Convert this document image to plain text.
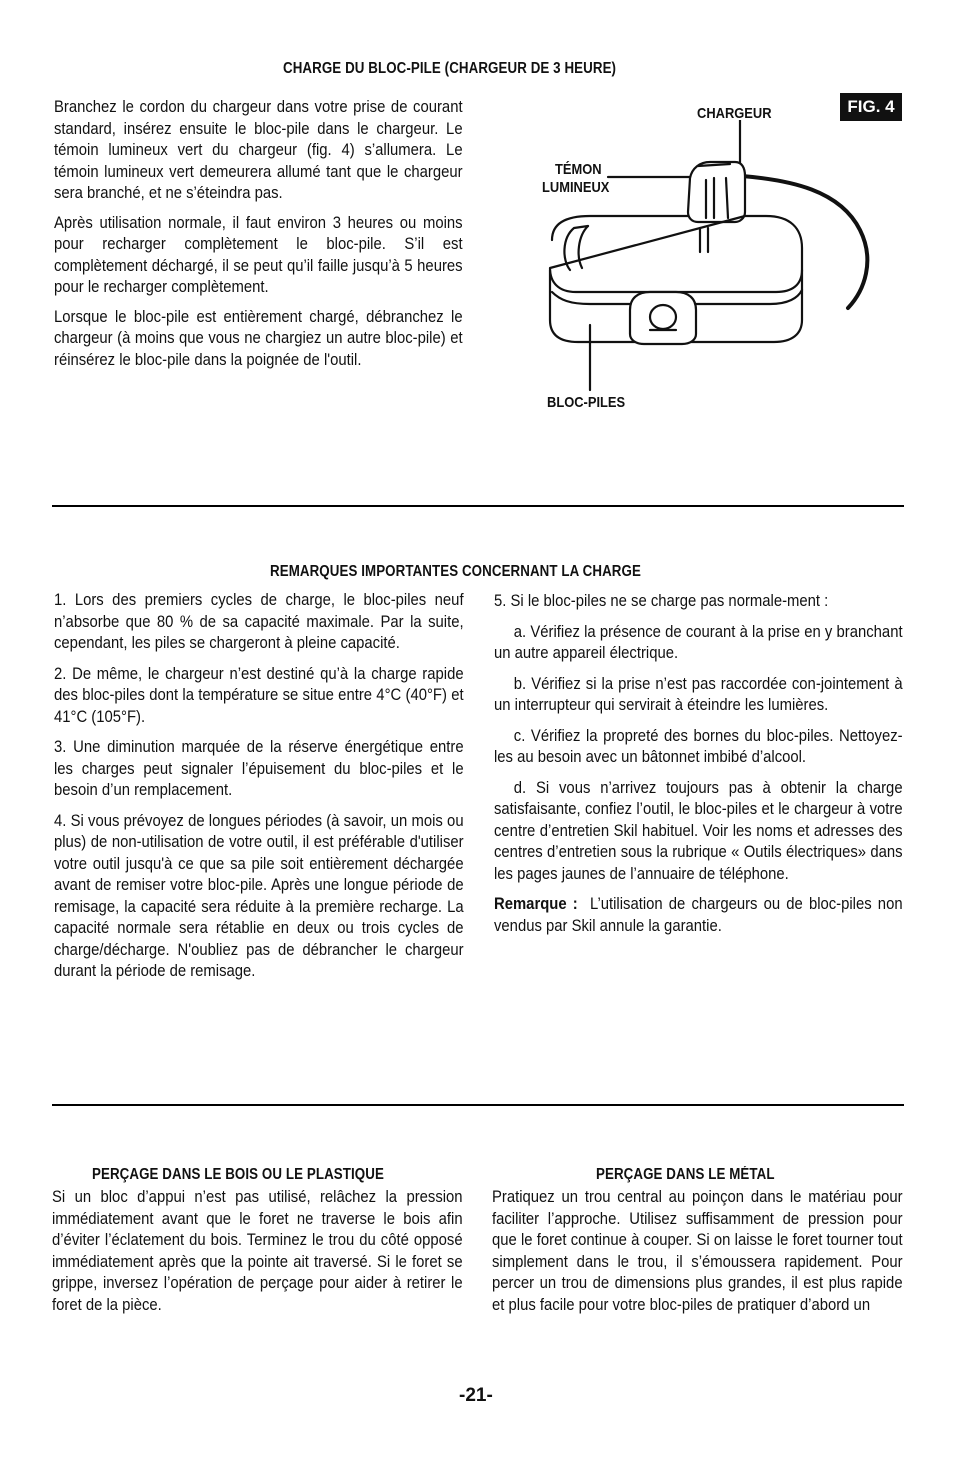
CHARGE DU BLOC-PILE (CHARGEUR DE 3 HEURE)

Branchez le cordon du chargeur dans votre prise de courant standard, insérez ensuite le bloc-pile dans le chargeur. Le témoin lumineux vert du chargeur (fig. 4) s’allumera. Le témoin lumineux vert demeurera allumé tant que le chargeur sera branché, et ne s’éteindra pas.

Après utilisation normale, il faut environ 3 heures ou moins pour recharger complètement le bloc-pile. S’il est complètement déchargé, il se peut qu’il faille jusqu’à 5 heures pour le recharger complètement.

Lorsque le bloc-pile est entièrement chargé, débranchez le chargeur (à moins que vous ne chargiez un autre bloc-pile) et réinsérez le bloc-pile dans la poignée de l'outil.

FIG. 4
CHARGEUR
TÉMON
LUMINEUX
BLOC-PILES
REMARQUES IMPORTANTES CONCERNANT LA CHARGE

1. Lors des premiers cycles de charge, le bloc-piles neuf n’absorbe que 80 % de sa capacité maximale. Par la suite, cependant, les piles se chargeront à pleine capacité.

2. De même, le chargeur n’est destiné qu’à la charge rapide des bloc-piles dont la température se situe entre 4°C (40°F) et 41°C (105°F).

3. Une diminution marquée de la réserve énergétique entre les charges peut signaler l’épuisement du bloc-piles et le besoin d’un remplacement.

4. Si vous prévoyez de longues périodes (à savoir, un mois ou plus) de non-utilisation de votre outil, il est préférable d'utiliser votre outil jusqu'à ce que sa pile soit entièrement déchargée avant de remiser votre bloc-pile. Après une longue période de remisage, la capacité sera réduite à la première recharge. La capacité normale sera rétablie en deux ou trois cycles de charge/décharge. N'oubliez pas de débrancher le chargeur durant la période de remisage.

5. Si le bloc-piles ne se charge pas normale-ment :

a. Vérifiez la présence de courant à la prise en y branchant un autre appareil électrique.

b. Vérifiez si la prise n’est pas raccordée con-jointement à un interrupteur qui servirait à éteindre les lumières.

c. Vérifiez la propreté des bornes du bloc-piles. Nettoyez-les au besoin avec un bâtonnet imbibé d’alcool.

d. Si vous n’arrivez toujours pas à obtenir la charge satisfaisante, confiez l’outil, le bloc-piles et le chargeur à votre centre d’entretien Skil habituel. Voir les noms et adresses des centres d’entretien sous la rubrique « Outils électriques» dans les pages jaunes de l’annuaire de téléphone.

Remarque : L’utilisation de chargeurs ou de bloc-piles non vendus par Skil annule la garantie.

PERÇAGE DANS LE BOIS OU LE PLASTIQUE

Si un bloc d’appui n’est pas utilisé, relâchez la pression immédiatement avant que le foret ne traverse le bois afin d’éviter l’éclatement du bois. Terminez le trou du côté opposé immédiatement après que la pointe ait traversé. Si le foret se grippe, inversez l’opération de perçage pour aider à retirer le foret de la pièce.

PERÇAGE DANS LE MÉTAL

Pratiquez un trou central au poinçon dans le matériau pour faciliter l’approche. Utilisez suffisamment de pression pour que le foret continue à couper. Si on laisse le foret tourner tout simplement dans le trou, il s’émoussera rapidement. Pour percer un trou de dimensions plus grandes, il est plus rapide et plus facile pour votre bloc-piles de pratiquer d’abord un

-21-
